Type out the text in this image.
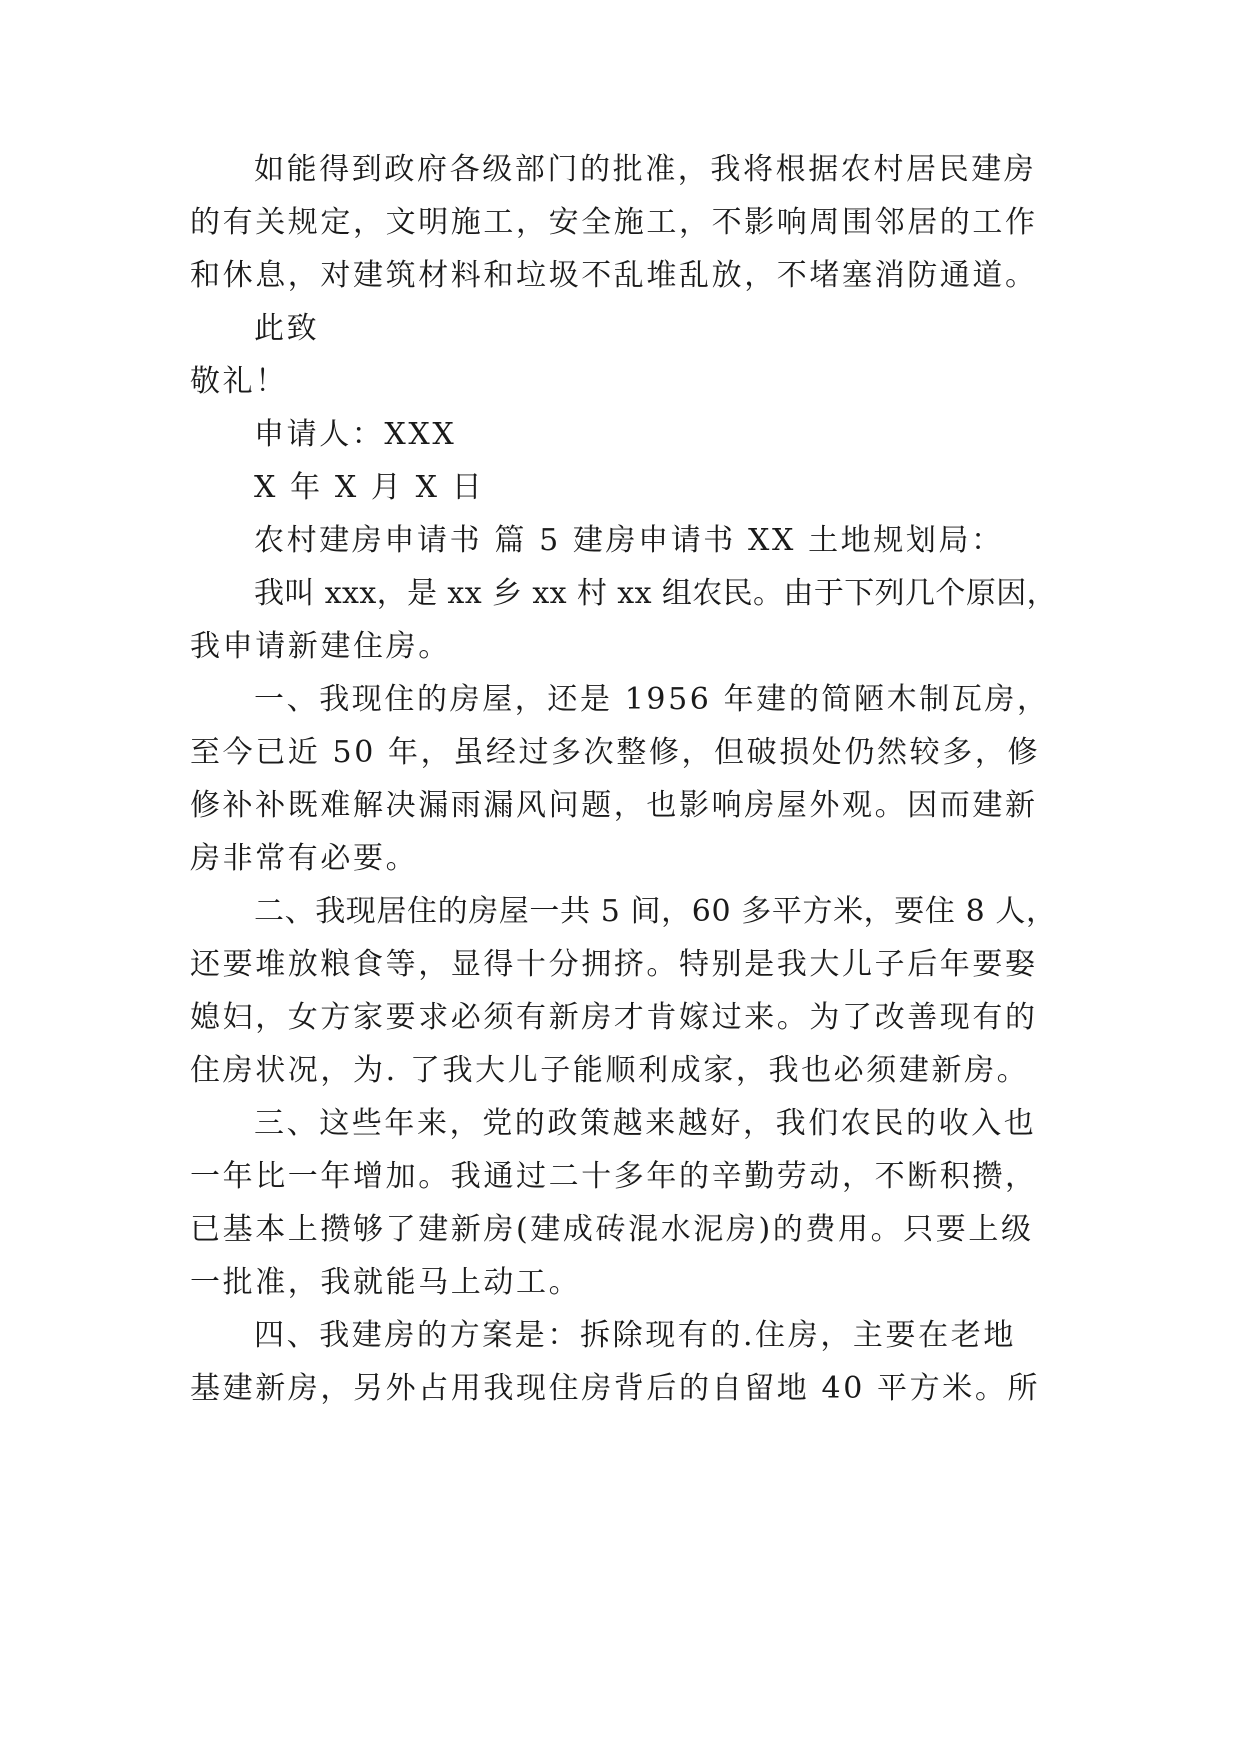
如能得到政府各级部门的批准，我将根据农村居民建房
的有关规定，文明施工，安全施工，不影响周围邻居的工作
和休息，对建筑材料和垃圾不乱堆乱放，不堵塞消防通道。
此致
敬礼！
申请人：XXX
X 年 X 月 X 日
农村建房申请书 篇 5 建房申请书 XX 土地规划局：
我叫 xxx，是 xx 乡 xx 村 xx 组农民。由于下列几个原因，
我申请新建住房。
一、我现住的房屋，还是 1956 年建的简陋木制瓦房，
至今已近 50 年，虽经过多次整修，但破损处仍然较多，修
修补补既难解决漏雨漏风问题，也影响房屋外观。因而建新
房非常有必要。
二、我现居住的房屋一共 5 间，60 多平方米，要住 8 人，
还要堆放粮食等，显得十分拥挤。特别是我大儿子后年要娶
媳妇，女方家要求必须有新房才肯嫁过来。为了改善现有的
住房状况，为. 了我大儿子能顺利成家，我也必须建新房。
三、这些年来，党的政策越来越好，我们农民的收入也
一年比一年增加。我通过二十多年的辛勤劳动，不断积攒，
已基本上攒够了建新房(建成砖混水泥房)的费用。只要上级
一批准，我就能马上动工。
四、我建房的方案是：拆除现有的.住房，主要在老地
基建新房，另外占用我现住房背后的自留地 40 平方米。所
